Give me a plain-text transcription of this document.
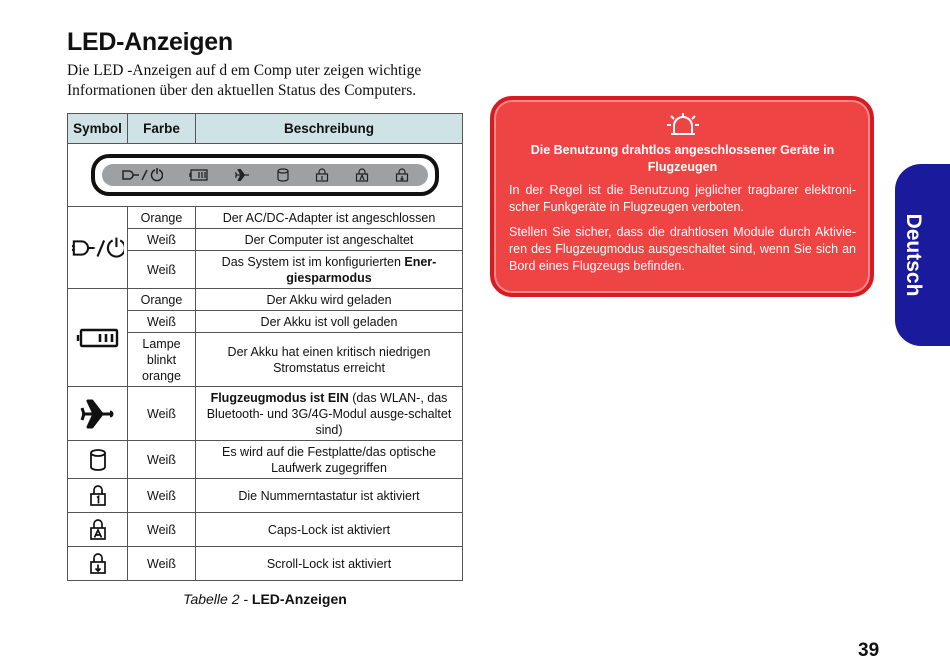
LED-Anzeigen

Die LED -Anzeigen auf d em Comp uter zeigen wichtige

Informationen über den aktuellen Status des Computers.

Symbol	Farbe	Beschreibung

	Orange	Der AC/DC-Adapter ist angeschlossen
	Weiß	Der Computer ist angeschaltet
	Weiß	Das System ist im konfigurierten Ener-giesparmodus

	Orange	Der Akku wird geladen
	Weiß	Der Akku ist voll geladen
	Lampe blinkt orange	Der Akku hat einen kritisch niedrigen Stromstatus erreicht

	Weiß	Flugzeugmodus ist EIN (das WLAN-, das Bluetooth- und 3G/4G-Modul ausge-schaltet sind)

	Weiß	Es wird auf die Festplatte/das optische Laufwerk zugegriffen

	Weiß	Die Nummerntastatur ist aktiviert

	Weiß	Caps-Lock ist aktiviert

	Weiß	Scroll-Lock ist aktiviert
Tabelle 2 - LED-Anzeigen
Die Benutzung drahtlos angeschlossener Geräte in Flugzeugen

In der Regel ist die Benutzung jeglicher tragbarer elektroni-scher Funkgeräte in Flugzeugen verboten.

Stellen Sie sicher, dass die drahtlosen Module durch Aktivie-ren des Flugzeugmodus ausgeschaltet sind, wenn Sie sich an Bord eines Flugzeugs befinden.	Deutsch
39
